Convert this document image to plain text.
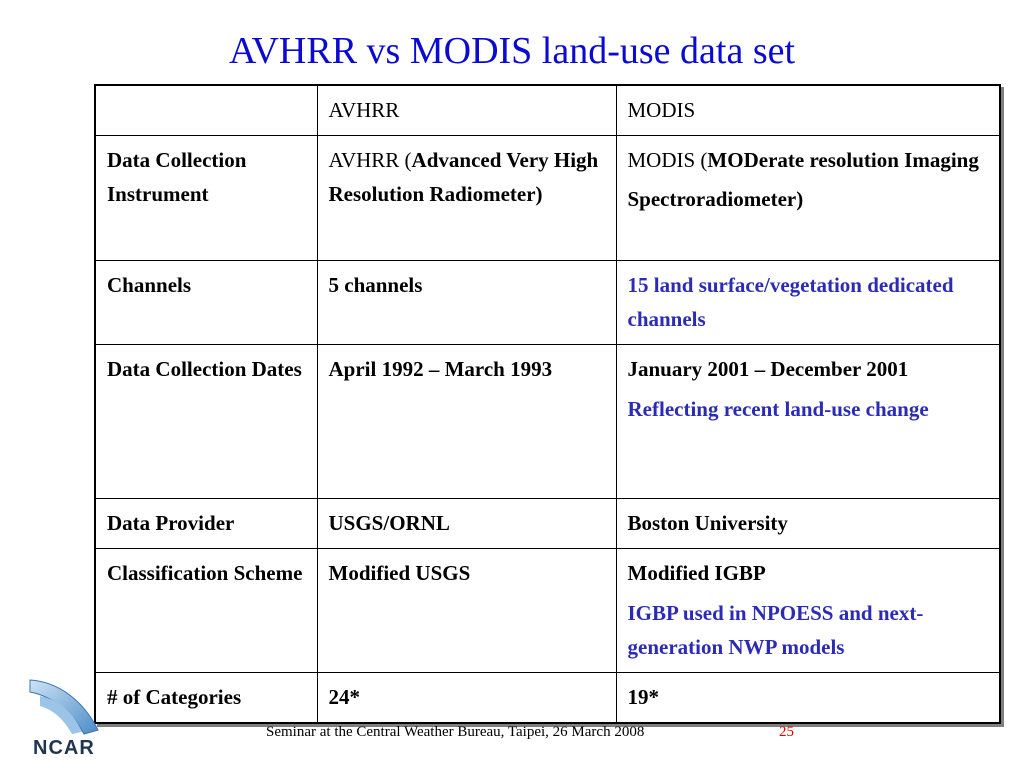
AVHRR vs MODIS land-use data set
	AVHRR	MODIS
Data Collection Instrument	AVHRR (Advanced Very High Resolution Radiometer)	MODIS (MODerate resolution Imaging
Spectroradiometer)
Channels	5 channels	15 land surface/vegetation dedicated channels
Data Collection Dates	April 1992 – March 1993	January 2001 – December 2001
Reflecting recent land-use change

Data Provider	USGS/ORNL	Boston University
Classification Scheme	Modified USGS	Modified IGBP
IGBP used in NPOESS and next-generation NWP models

# of Categories	24*	19*
NCAR
Seminar at the Central Weather Bureau, Taipei, 26 March 2008	25
